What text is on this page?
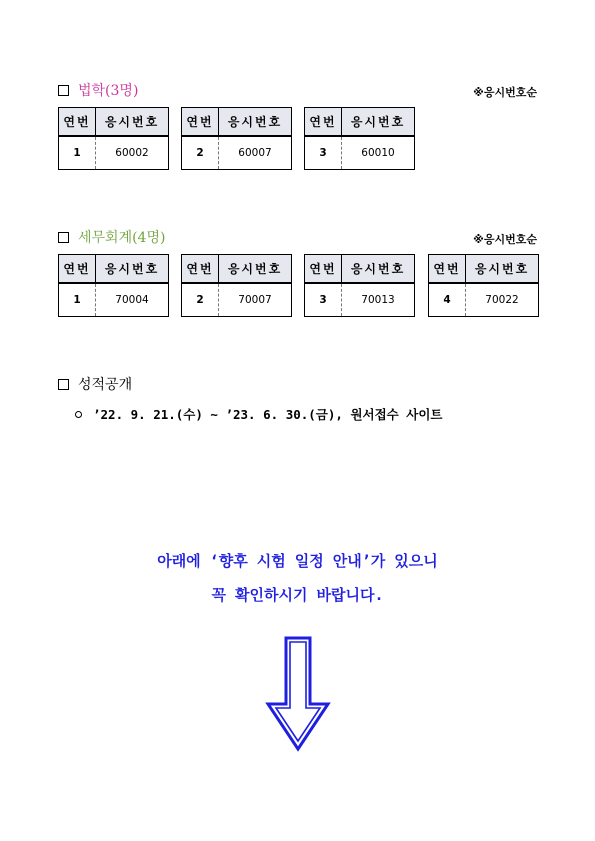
법학(3명)	※응시번호순
연번	응시번호
1	60002
연번	응시번호
2	60007
연번	응시번호
3	60010
세무회계(4명)	※응시번호순
연번	응시번호
1	70004
연번	응시번호
2	70007
연번	응시번호
3	70013
연번	응시번호
4	70022
성적공개
’22. 9. 21.(수) ~ ’23. 6. 30.(금), 원서접수 사이트
아래에 ‘향후 시험 일정 안내’가 있으니
꼭 확인하시기 바랍니다.
